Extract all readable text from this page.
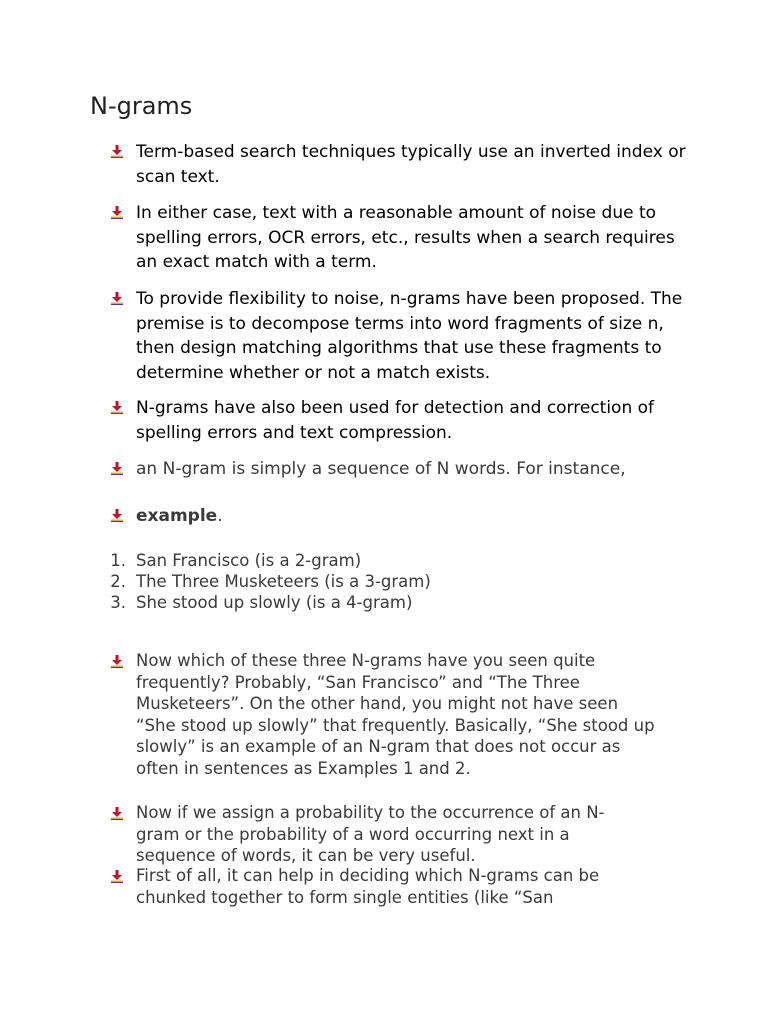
N-grams
Term-based search techniques typically use an inverted index or scan text.
In either case, text with a reasonable amount of noise due to spelling errors, OCR errors, etc., results when a search requires an exact match with a term.
To provide flexibility to noise, n-grams have been proposed. The premise is to decompose terms into word fragments of size n, then design matching algorithms that use these fragments to determine whether or not a match exists.
N-grams have also been used for detection and correction of spelling errors and text compression.
an N-gram is simply a sequence of N words. For instance,
example.
1. San Francisco (is a 2-gram)
2. The Three Musketeers (is a 3-gram)
3. She stood up slowly (is a 4-gram)
Now which of these three N-grams have you seen quite frequently? Probably, “San Francisco” and “The Three Musketeers”. On the other hand, you might not have seen “She stood up slowly” that frequently. Basically, “She stood up slowly” is an example of an N-gram that does not occur as often in sentences as Examples 1 and 2.
Now if we assign a probability to the occurrence of an N-gram or the probability of a word occurring next in a sequence of words, it can be very useful.
First of all, it can help in deciding which N-grams can be chunked together to form single entities (like “San
